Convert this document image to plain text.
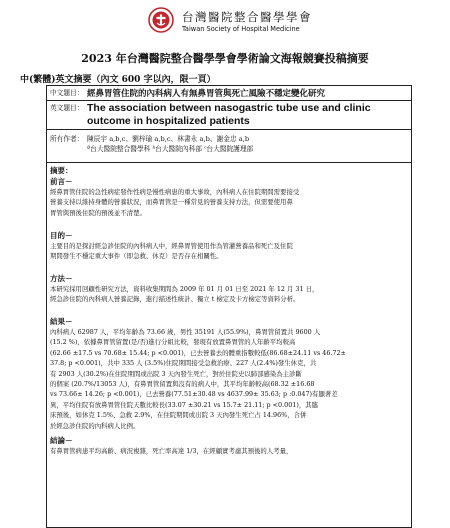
台灣醫院整合醫學學會
Taiwan Society of Hospital Medicine
2023 年台灣醫院整合醫學學會學術論文海報競賽投稿摘要
中(繁體)英文摘要（內文 600 字以內，限一頁）
中文題目： 經鼻胃管住院的內科病人有無鼻胃管與死亡風險不穩定變化研究
英文題目： The association between nasogastric tube use and clinic outcome in hospitalized patients
所有作者： 陳辰宇 a,b,c、劉梓瑜 a,b,c、林書永 a,b、謝金忠 a,b
ª台大醫院整合醫學科 ᵇ台大醫院內科部 ᶜ台大醫院護理部
摘要：
前言－
經鼻胃管住院的急性病症發作性病是慢性病患的重大事故，內科病人在住院期間需要接受
營養支持以維持身體的營養狀況，而鼻胃管是一種常見的營養支持方法，但需要使用鼻
胃管與預後住院的預後並不清楚。
目的－
主要目的是探討經急診住院的內科病人中，經鼻胃管使用作為管灌營養品和死亡及住院
期間發生不穩定重大事件（即急救、休克）是否存在相關性。
方法－
本研究採用回顧性研究方法，資料收集期間為 2009 年 01 月 01 日至 2021 年 12 月 31 日，
經急診住院的內科病人營養記錄，進行描述性統計、獨立 t 檢定及卡方檢定等資料分析。
結果－
內科病人 62987 人，平均年齡為 73.66 歲，男性 35191 人(55.9%)，鼻胃管留置共 9600 人
(15.2 %)，依據鼻胃管留置(是/否)進行分組比較，發現有放置鼻胃管的人年齡平均較高
(62.66 ±17.5 vs 70.68± 15.44; p <0.001)，已去營養去的體重指數較低(86.68±24.11 vs 46.72±
37.8; p <0.001)，共中 335 人 (3.5%)住院期間接受急救治療、227 人(2.4%)發生休克，共
有 2903 人(30.2%)在住院期間或出院 3 天內發生死亡，對於住院史以肺部感染為主診斷
的個案 (20.7%/13053 人)，有鼻胃管留置與沒有的病人中，其平均年齡較高(68.32 ±16.68
vs 73.66± 14.26; p <0.001)，已去營養(77.51±30.48 vs 4637.99± 35.63; p :0.047)有顯著差
異，平均住院有放鼻胃管住院天數比較長(33.07 ±30.21 vs 15.7± 21.11; p <0.001)，其臨
床預後，如休克 1.5%、急救 2.9%，在住院期間或出院 3 天內發生死亡占 14.96%，合併
於經急診住院的內科病人比例。
結論－
有鼻胃管病患平均高齡、病況複雜，死亡率高達 1/3，在經顧實考慮其預後的人考量，
